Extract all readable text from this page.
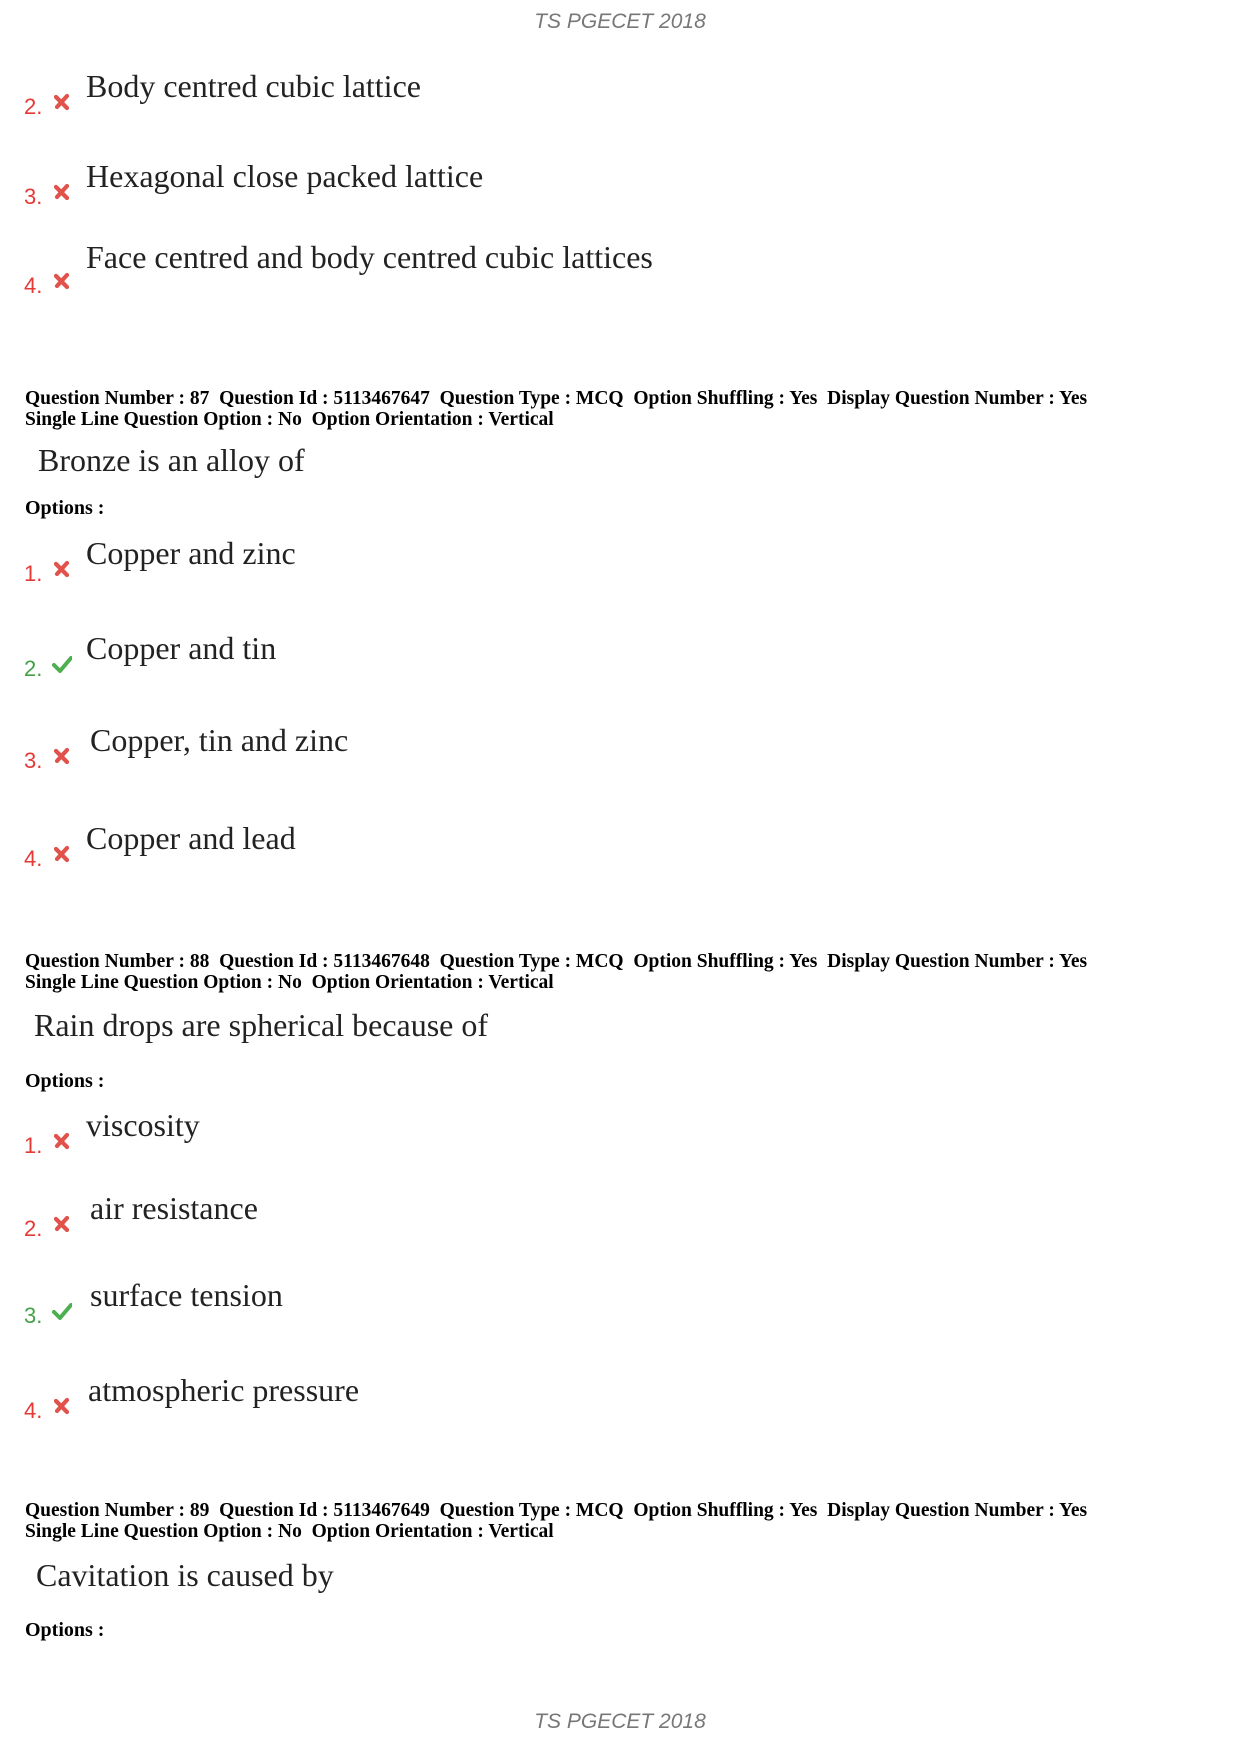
TS PGECET 2018
2.
Body centred cubic lattice
3.
Hexagonal close packed lattice
4.
Face centred and body centred cubic lattices
Question Number : 87  Question Id : 5113467647  Question Type : MCQ  Option Shuffling : Yes  Display Question Number : Yes
Single Line Question Option : No  Option Orientation : Vertical
Bronze is an alloy of
Options :
1.
Copper and zinc
2.
Copper and tin
3.
Copper, tin and zinc
4.
Copper and lead
Question Number : 88  Question Id : 5113467648  Question Type : MCQ  Option Shuffling : Yes  Display Question Number : Yes
Single Line Question Option : No  Option Orientation : Vertical
Rain drops are spherical because of
Options :
1.
viscosity
2.
air resistance
3.
surface tension
4.
atmospheric pressure
Question Number : 89  Question Id : 5113467649  Question Type : MCQ  Option Shuffling : Yes  Display Question Number : Yes
Single Line Question Option : No  Option Orientation : Vertical
Cavitation is caused by
Options :
TS PGECET 2018
